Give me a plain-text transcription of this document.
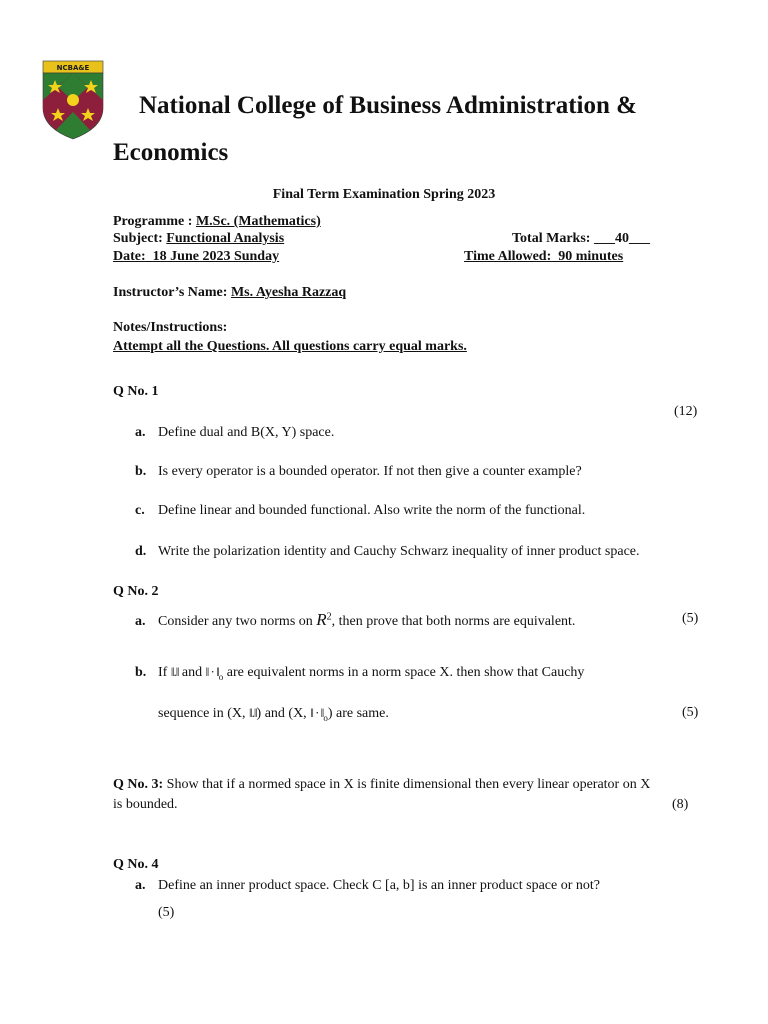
NCBA&E
National College of Business Administration &
Economics
Final Term Examination Spring 2023
Programme : M.Sc. (Mathematics)
Subject: Functional Analysis	Total Marks: ___40___
Date:_18 June 2023 Sunday	Time Allowed:_90 minutes
Instructor’s Name: Ms. Ayesha Razzaq
Notes/Instructions:
Attempt all the Questions. All questions carry equal marks.
Q No. 1
(12)
a. Define dual and B(X, Y) space.
b. Is every operator is a bounded operator. If not then give a counter example?
c. Define linear and bounded functional. Also write the norm of the functional.
d. Write the polarization identity and Cauchy Schwarz inequality of inner product space.
Q No. 2
a. Consider any two norms on $R^2$, then prove that both norms are equivalent.	(5)
b. If ‖.‖ and ‖ · $‖_o$ are equivalent norms in a norm space X. then show that Cauchy
sequence in (X, ‖.‖) and (X, ‖ · $‖_o$) are same.	(5)
Q No. 3: Show that if a normed space in X is finite dimensional then every linear operator on X
is bounded.	(8)
Q No. 4
a. Define an inner product space. Check C [a, b] is an inner product space or not?
(5)
